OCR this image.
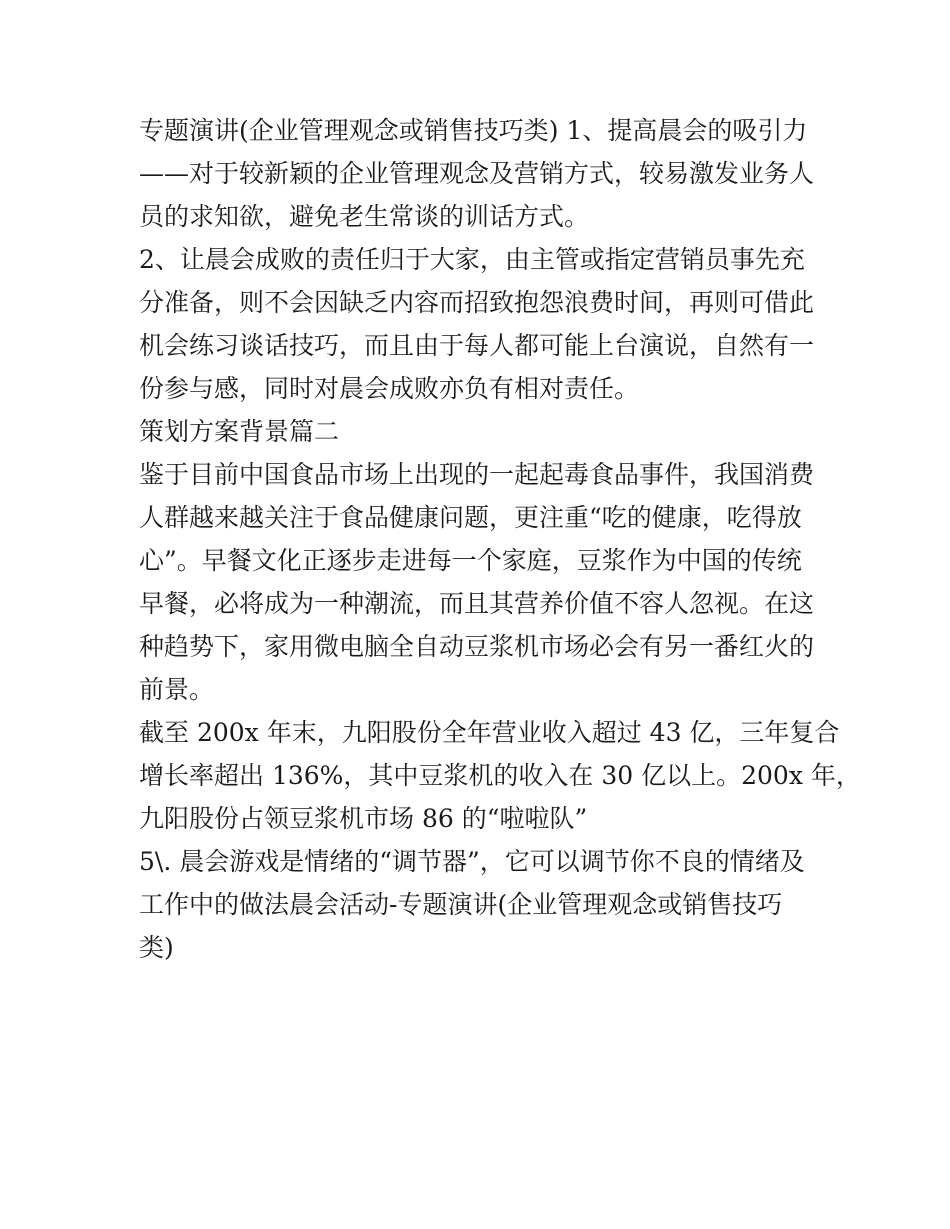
专题演讲(企业管理观念或销售技巧类) 1、提高晨会的吸引力
——对于较新颖的企业管理观念及营销方式，较易激发业务人
员的求知欲，避免老生常谈的训话方式。
2、让晨会成败的责任归于大家，由主管或指定营销员事先充
分准备，则不会因缺乏内容而招致抱怨浪费时间，再则可借此
机会练习谈话技巧，而且由于每人都可能上台演说，自然有一
份参与感，同时对晨会成败亦负有相对责任。
策划方案背景篇二
鉴于目前中国食品市场上出现的一起起毒食品事件，我国消费
人群越来越关注于食品健康问题，更注重“吃的健康，吃得放
心”。早餐文化正逐步走进每一个家庭，豆浆作为中国的传统
早餐，必将成为一种潮流，而且其营养价值不容人忽视。在这
种趋势下，家用微电脑全自动豆浆机市场必会有另一番红火的
前景。
截至 200x 年末，九阳股份全年营业收入超过 43 亿，三年复合
增长率超出 136%，其中豆浆机的收入在 30 亿以上。200x 年，
九阳股份占领豆浆机市场 86 的“啦啦队”
5\. 晨会游戏是情绪的“调节器”，它可以调节你不良的情绪及
工作中的做法晨会活动-专题演讲(企业管理观念或销售技巧
类)
